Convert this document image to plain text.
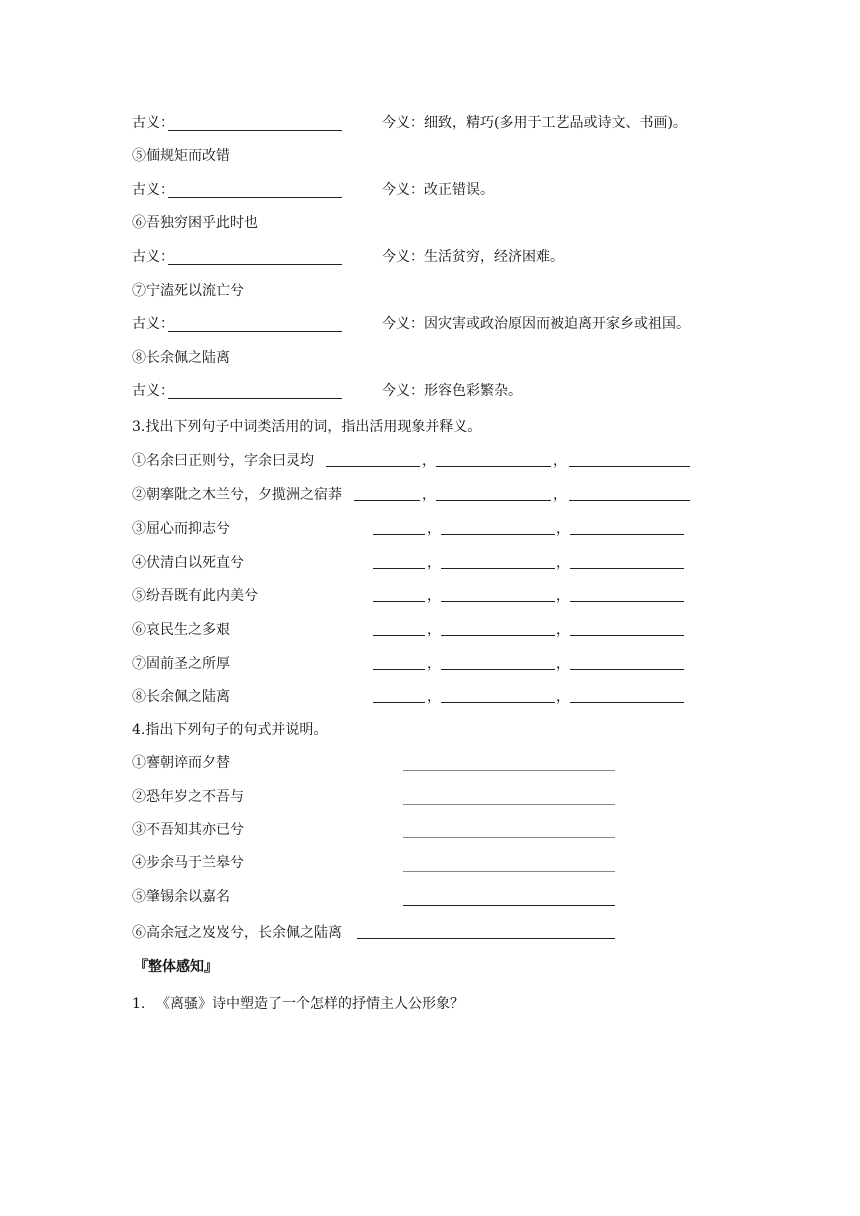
古义：	今义：细致，精巧(多用于工艺品或诗文、书画)。
⑤偭规矩而改错
古义：	今义：改正错误。
⑥吾独穷困乎此时也
古义：	今义：生活贫穷，经济困难。
⑦宁溘死以流亡兮
古义：	今义：因灾害或政治原因而被迫离开家乡或祖国。
⑧长余佩之陆离
古义：	今义：形容色彩繁杂。
3.找出下列句子中词类活用的词，指出活用现象并释义。
①名余曰正则兮，字余曰灵均	，	，
②朝搴阰之木兰兮，夕揽洲之宿莽	，	，
③屈心而抑志兮	，	，
④伏清白以死直兮	，	，
⑤纷吾既有此内美兮	，	，
⑥哀民生之多艰	，	，
⑦固前圣之所厚	，	，
⑧长余佩之陆离	，	，
4.指出下列句子的句式并说明。
①謇朝谇而夕替
②恐年岁之不吾与
③不吾知其亦已兮
④步余马于兰皋兮
⑤肇锡余以嘉名
⑥高余冠之岌岌兮，长余佩之陆离
『整体感知』
1. 《离骚》诗中塑造了一个怎样的抒情主人公形象？
